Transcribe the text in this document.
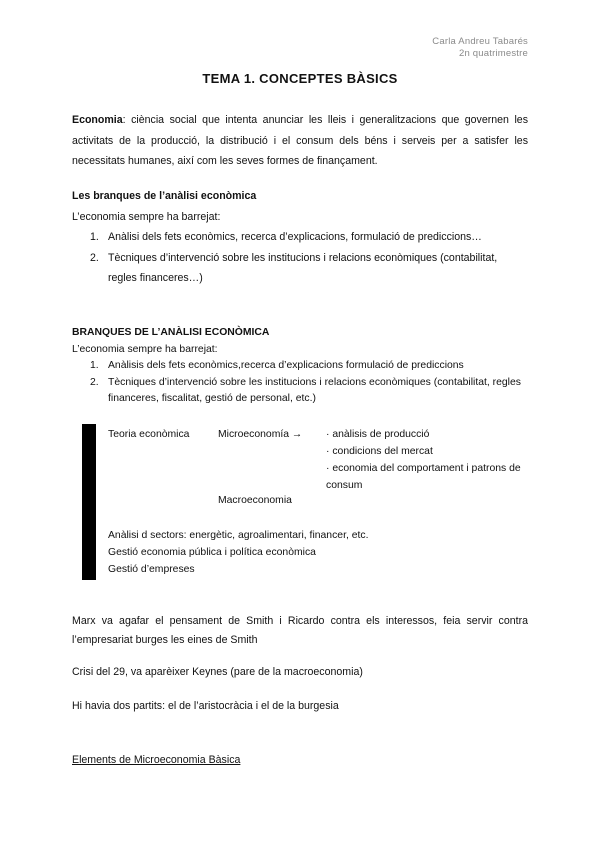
Carla Andreu Tabarés
2n quatrimestre
TEMA 1. CONCEPTES BÀSICS
Economia: ciència social que intenta anunciar les lleis i generalitzacions que governen les activitats de la producció, la distribució i el consum dels béns i serveis per a satisfer les necessitats humanes, així com les seves formes de finançament.
Les branques de l’anàlisi econòmica
L’economia sempre ha barrejat:
1. Anàlisi dels fets econòmics, recerca d’explicacions, formulació de prediccions…
2. Tècniques d’intervenció sobre les institucions i relacions econòmiques (contabilitat, regles financeres…)
BRANQUES DE L’ANÀLISI ECONÒMICA
L’economia sempre ha barrejat:
1. Anàlisis dels fets econòmics,recerca d’explicacions formulació de prediccions
2. Tècniques d’intervenció sobre les institucions i relacions econòmiques (contabilitat, regles financeres, fiscalitat, gestió de personal, etc.)
Teoria econòmica	Microeconomía → · anàlisis de producció
· condicions del mercat
· economia del comportament i patrons de consum
Macroeconomia
Anàlisi d sectors: energètic, agroalimentari, financer, etc.
Gestió economia pública i política econòmica
Gestió d’empreses
Marx va agafar el pensament de Smith i Ricardo contra els interessos, feia servir contra l’empresariat burges les eines de Smith
Crisi del 29, va aparèixer Keynes (pare de la macroeconomia)
Hi havia dos partits: el de l’aristocràcia i el de la burgesia
Elements de Microeconomia Bàsica
